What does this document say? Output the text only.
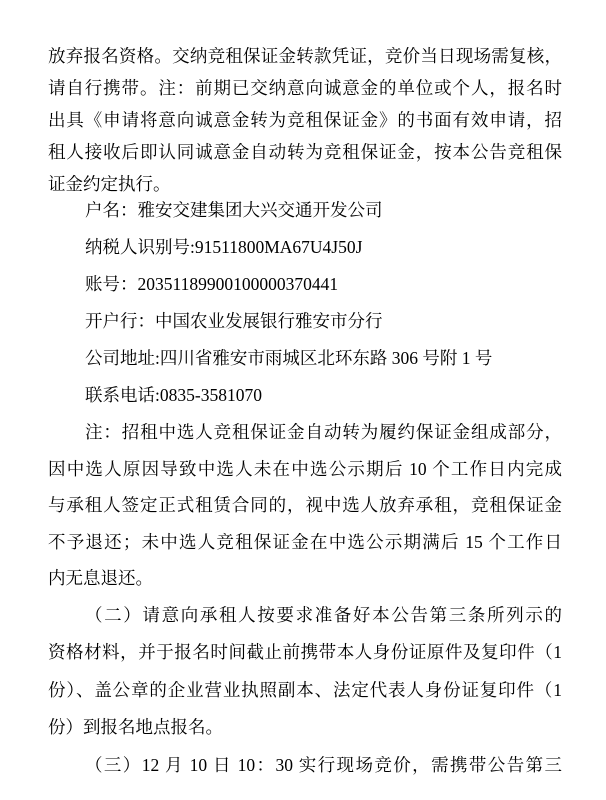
放弃报名资格。交纳竞租保证金转款凭证，竞价当日现场需复核，
请自行携带。注：前期已交纳意向诚意金的单位或个人，报名时
出具《申请将意向诚意金转为竞租保证金》的书面有效申请，招
租人接收后即认同诚意金自动转为竞租保证金，按本公告竞租保
证金约定执行。
户名：雅安交建集团大兴交通开发公司
纳税人识别号:91511800MA67U4J50J
账号：20351189900100000370441
开户行：中国农业发展银行雅安市分行
公司地址:四川省雅安市雨城区北环东路 306 号附 1 号
联系电话:0835-3581070
注：招租中选人竞租保证金自动转为履约保证金组成部分，
因中选人原因导致中选人未在中选公示期后 10 个工作日内完成
与承租人签定正式租赁合同的，视中选人放弃承租，竞租保证金
不予退还；未中选人竞租保证金在中选公示期满后 15 个工作日
内无息退还。
（二）请意向承租人按要求准备好本公告第三条所列示的
资格材料，并于报名时间截止前携带本人身份证原件及复印件（1
份）、盖公章的企业营业执照副本、法定代表人身份证复印件（1
份）到报名地点报名。
（三）12 月 10 日 10：30 实行现场竞价，需携带公告第三
